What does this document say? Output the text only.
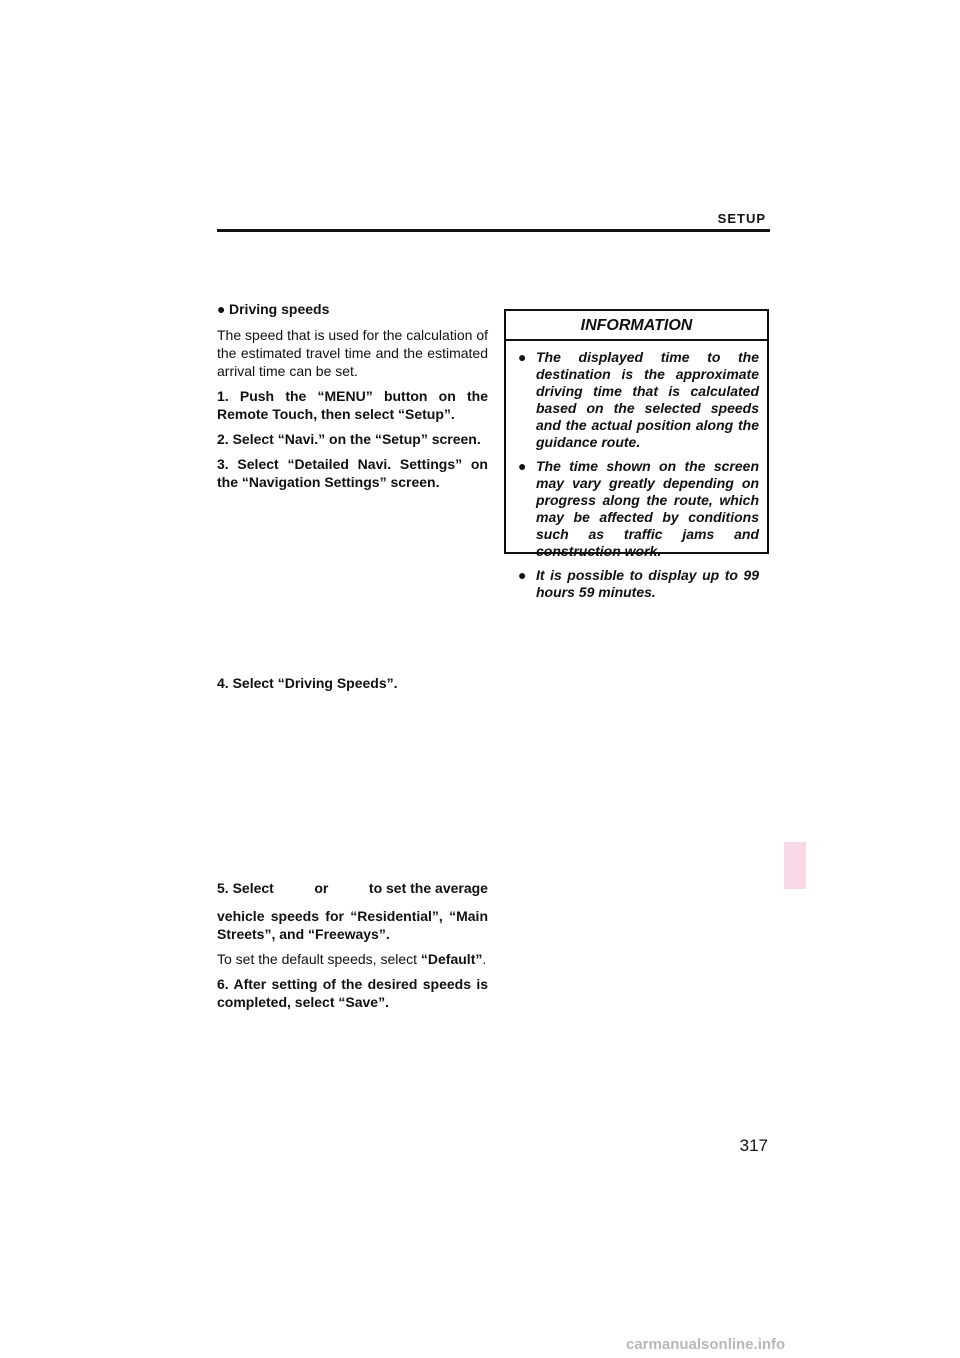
SETUP
● Driving speeds

The speed that is used for the calculation of the estimated travel time and the estimated arrival time can be set.

1. Push the “MENU” button on the Remote Touch, then select “Setup”.

2. Select “Navi.” on the “Setup” screen.

3. Select “Detailed Navi. Settings” on the “Navigation Settings” screen.

4. Select “Driving Speeds”.
5. Select	or	to set the average

vehicle speeds for “Residential”, “Main Streets”, and “Freeways”.

To set the default speeds, select “Default”.

6. After setting of the desired speeds is completed, select “Save”.

INFORMATION
● The displayed time to the destination is the approximate driving time that is calculated based on the selected speeds and the actual position along the guidance route.
● The time shown on the screen may vary greatly depending on progress along the route, which may be affected by conditions such as traffic jams and construction work.
● It is possible to display up to 99 hours 59 minutes.
317
carmanualsonline.info
